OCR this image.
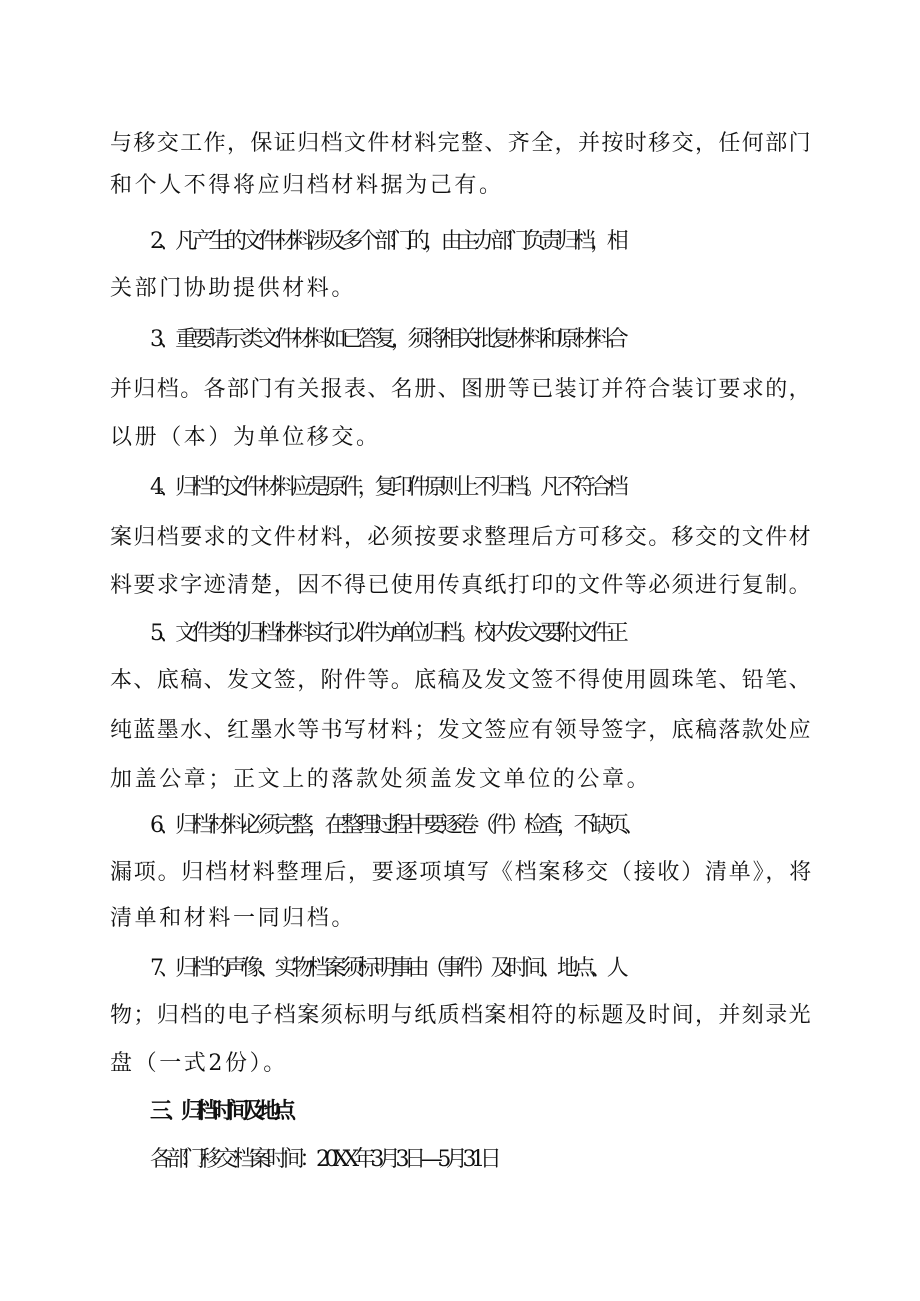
与移交工作，保证归档文件材料完整、齐全，并按时移交，任何部门
和个人不得将应归档材料据为己有。
2、凡产生的文件材料涉及多个部门的，由主办部门负责归档，相
关部门协助提供材料。
3、重要请示类文件材料如已答复，须将相关批复材料和原材料合
并归档。各部门有关报表、名册、图册等已装订并符合装订要求的，
以册（本）为单位移交。
4、归档的文件材料应是原件，复印件原则上不归档。凡不符合档
案归档要求的文件材料，必须按要求整理后方可移交。移交的文件材
料要求字迹清楚，因不得已使用传真纸打印的文件等必须进行复制。
5、文件类的归档材料实行以件为单位归档。校内发文要附文件正
本、底稿、发文签，附件等。底稿及发文签不得使用圆珠笔、铅笔、
纯蓝墨水、红墨水等书写材料；发文签应有领导签字，底稿落款处应
加盖公章；正文上的落款处须盖发文单位的公章。
6、归档材料必须完整，在整理过程中要逐卷（件）检查，不缺页、
漏项。归档材料整理后，要逐项填写《档案移交（接收）清单》，将
清单和材料一同归档。
7、归档的声像、实物档案须标明事由（事件）及时间、地点、人
物；归档的电子档案须标明与纸质档案相符的标题及时间，并刻录光
盘（一式2份）。
三、归档时间及地点
各部门移交档案时间：20XX年3月3日—5月31日
